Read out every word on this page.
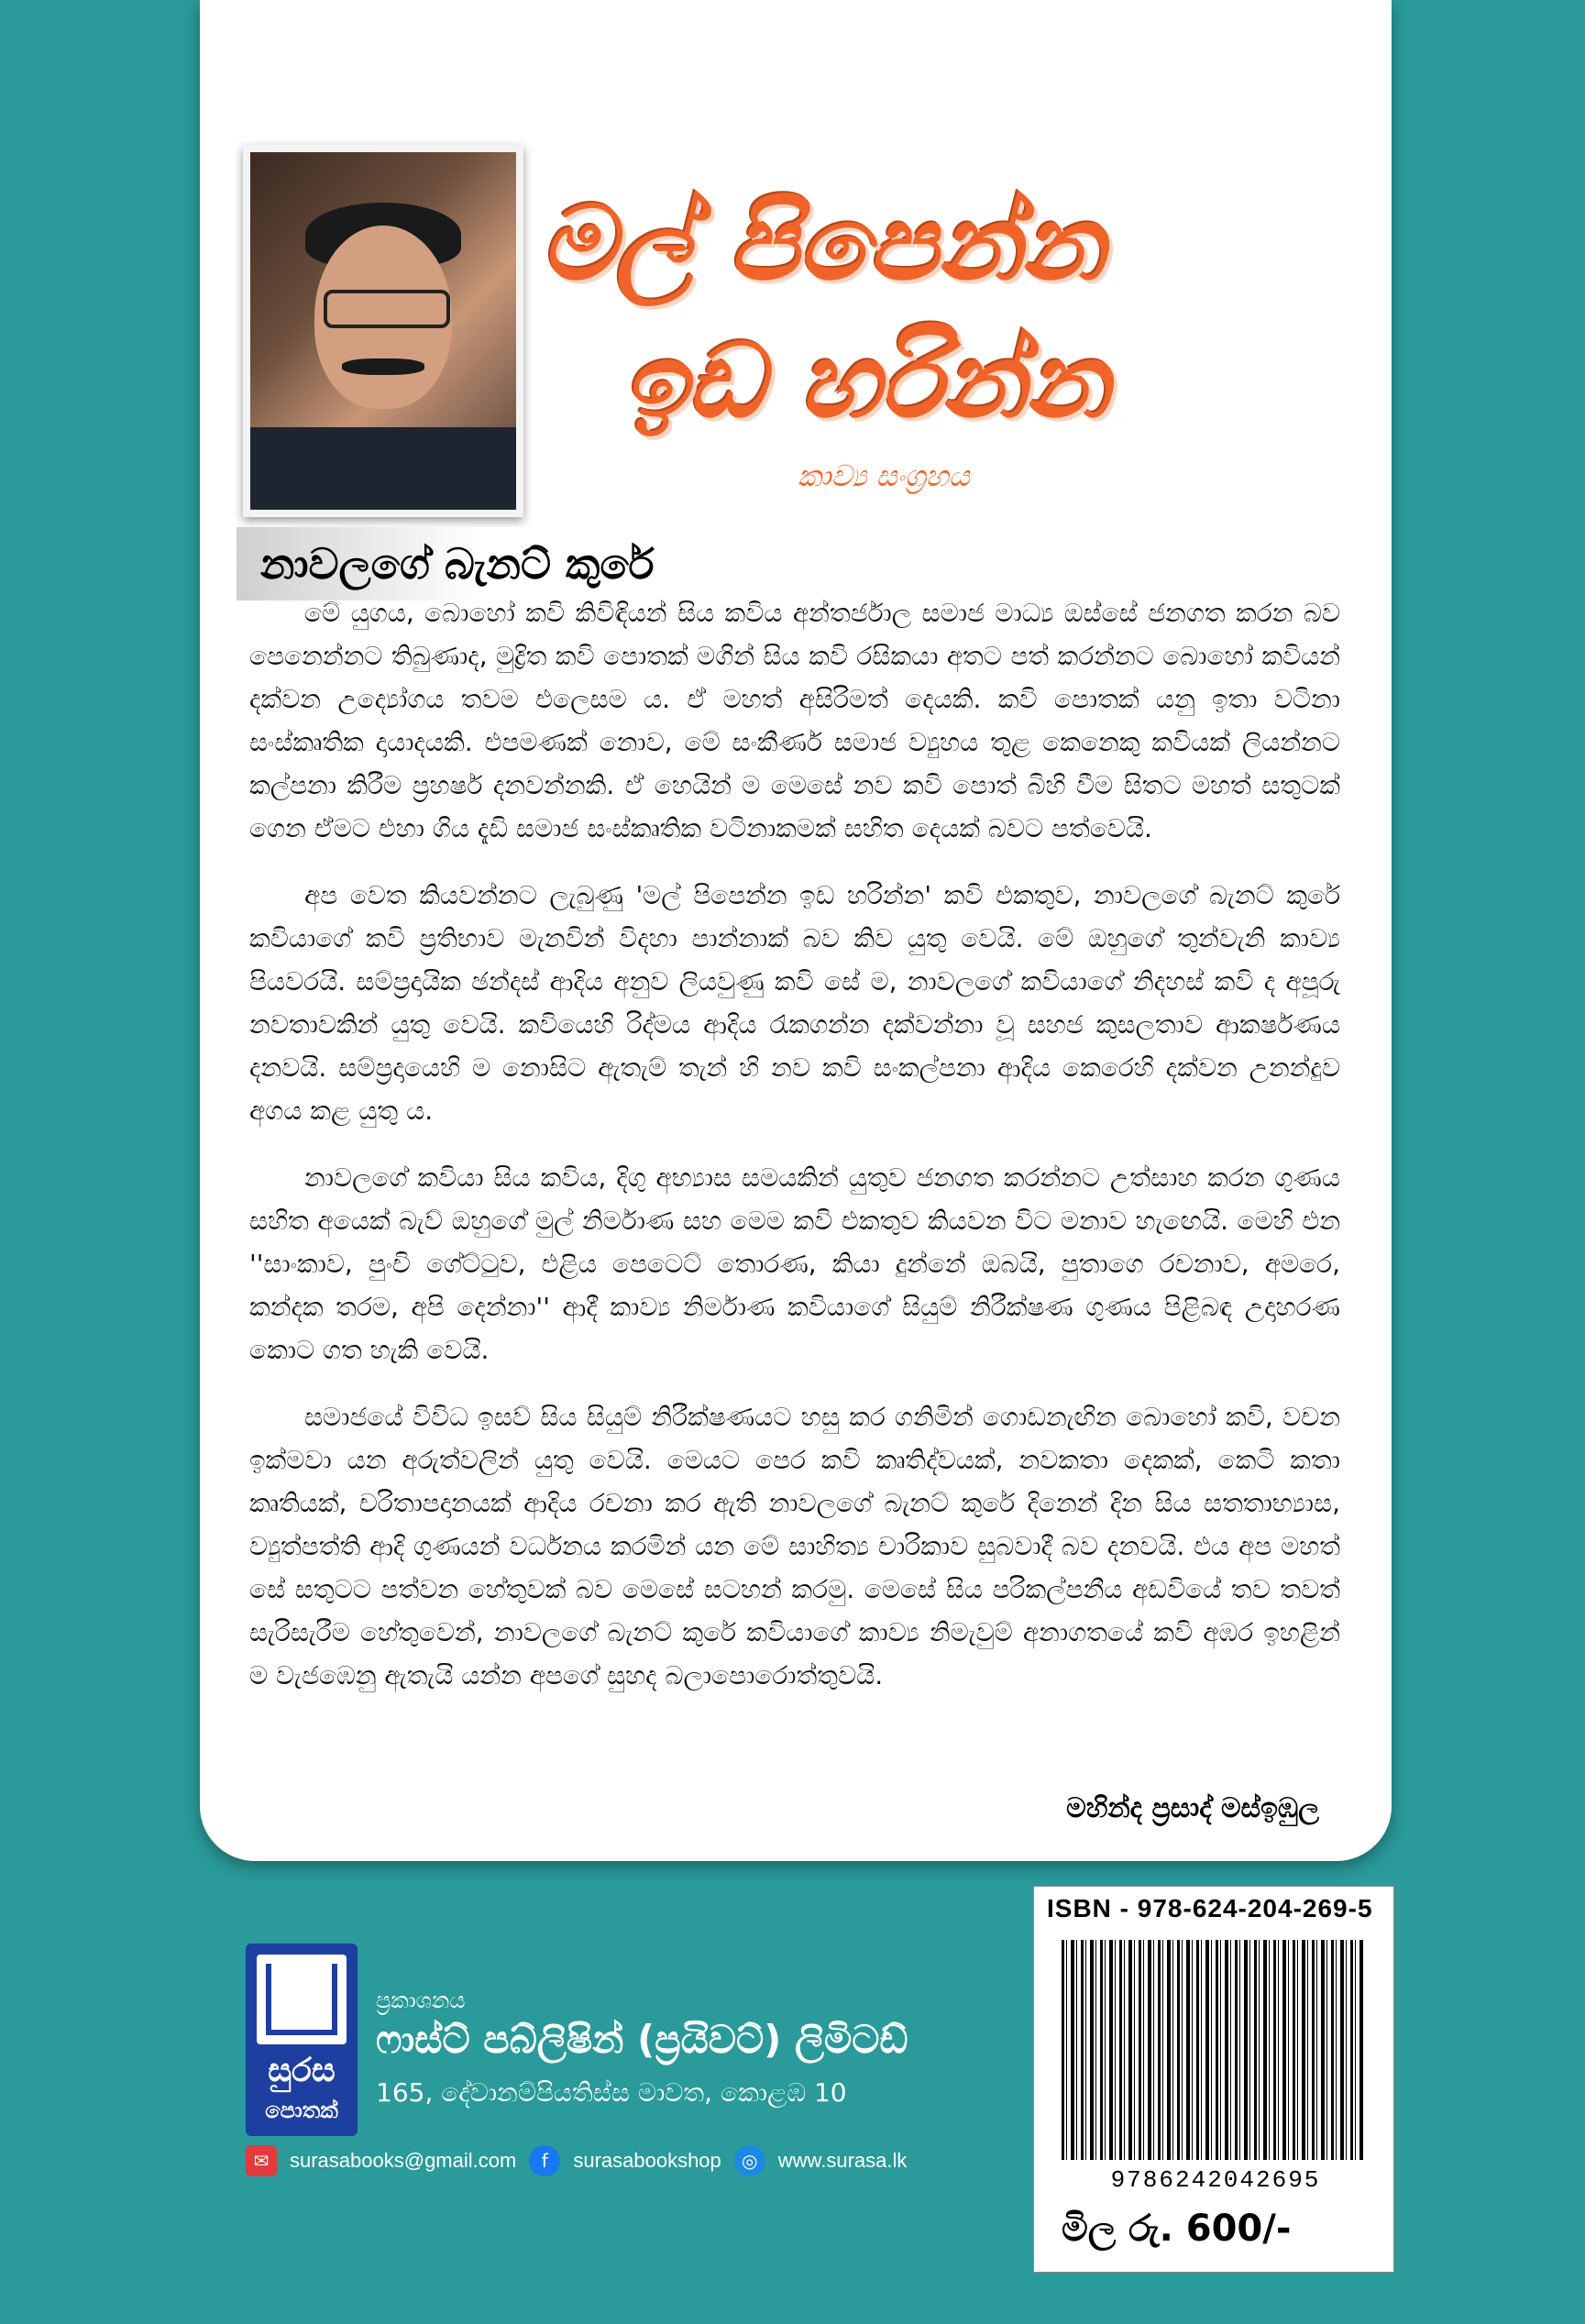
මල් පිපෙන්න
ඉඩ හරින්න
කාව්‍ය සංග්‍රහය
නාවලගේ බැනට් කුරේ

මේ යුගය, බොහෝ කවි කිවිඳියන් සිය කවිය අන්තර්ජාල සමාජ මාධ්‍ය ඔස්සේ ජනගත කරන බව පෙනෙන්නට තිබුණාද, මුද්‍රිත කවි පොතක් මගින් සිය කවි රසිකයා අතට පත් කරන්නට බොහෝ කවියන් දක්වන උද්‍යෝගය තවම එලෙසම ය. ඒ මහත් අසිරිමත් දෙයකි. කවි පොතක් යනු ඉතා වටිනා සංස්කෘතික දායාදයකි. එපමණක් නොව, මේ සංකීර්ණ සමාජ ව්‍යුහය තුළ කෙනෙකු කවියක් ලියන්නට කල්පනා කිරීම ප්‍රහර්ෂ දනවන්නකි. ඒ හෙයින් ම මෙසේ නව කවි පොත් බිහි වීම සිතට මහත් සතුටක් ගෙන ඒමට එහා ගිය දැඩි සමාජ සංස්කෘතික වටිනාකමක් සහිත දෙයක් බවට පත්වෙයි.

අප වෙත කියවන්නට ලැබුණු 'මල් පිපෙන්න ඉඩ හරින්න' කවි එකතුව, නාවලගේ බැනට් කුරේ කවියාගේ කවි ප්‍රතිභාව මැනවින් විදහා පාන්නාක් බව කිව යුතු වෙයි. මේ ඔහුගේ තුන්වැනි කාව්‍ය පියවරයි. සම්ප්‍රදායික ඡන්දස් ආදිය අනුව ලියවුණු කවි සේ ම, නාවලගේ කවියාගේ නිදහස් කවි ද අපූරු නවතාවකින් යුතු වෙයි. කවියෙහි රිද්මය ආදිය රැකගන්න දක්වන්නා වූ සහජ කුසලතාව ආකර්ෂණය දනවයි. සම්ප්‍රදායෙහි ම නොසිට ඇතැම් තැන් හි නව කවි සංකල්පනා ආදිය කෙරෙහි දක්වන උනන්දුව අගය කළ යුතු ය.

නාවලගේ කවියා සිය කවිය, දිගු අභ්‍යාස සමයකින් යුතුව ජනගත කරන්නට උත්සාහ කරන ගුණය සහිත අයෙක් බැව් ඔහුගේ මුල් නිර්මාණ සහ මෙම කවි එකතුව කියවන විට මනාව හැඟෙයි. මෙහි එන ''සාංකාව, පුංචි ගේට්ටුව, එළිය පෙටෙට් තොරණ, කියා දුන්නේ ඔබයි, පුතාගෙ රචනාව, අමරෙ, කන්දක තරම, අපි දෙන්නා'' ආදී කාව්‍ය නිර්මාණ කවියාගේ සියුම් නිරීක්ෂණ ගුණය පිළිබඳ උදාහරණ කොට ගත හැකි වෙයි.

සමාජයේ විවිධ ඉසව් සිය සියුම් නිරීක්ෂණයට හසු කර ගනිමින් ගොඩනැඟින බොහෝ කවි, වචන ඉක්මවා යන අරුත්වලින් යුතු වෙයි. මෙයට පෙර කවි කෘතිද්වයක්, නවකතා දෙකක්, කෙටි කතා කෘතියක්, චරිතාපදානයක් ආදිය රචනා කර ඇති නාවලගේ බැනට් කුරේ දිනෙන් දින සිය සතතාභ්‍යාස, ව්‍යුත්පත්ති ආදි ගුණයන් වර්ධනය කරමින් යන මේ සාහිත්‍ය චාරිකාව සුබවාදී බව දනවයි. එය අප මහත් සේ සතුටට පත්වන හේතුවක් බව මෙසේ සටහන් කරමු. මෙසේ සිය පරිකල්පනීය අඩවියේ තව තවත් සැරිසැරීම හේතුවෙන්, නාවලගේ බැනට් කුරේ කවියාගේ කාව්‍ය නිමැවුම් අනාගතයේ කවි අඹර ඉහළින් ම වැජඹෙනු ඇතැයි යන්න අපගේ සුහද බලාපොරොත්තුවයි.

මහින්ද ප්‍රසාද් මස්ඉඹුල
ISBN - 978-624-204-269-5
9786242042695
මිල රු. 600/-
සුරස
පොතක්
ප්‍රකාශනය
ෆාස්ට් පබ්ලිෂින් (ප්‍රයිවට්) ලිමිටඩ්
165, දේවානම්පියතිස්ස මාවත, කොළඹ 10
✉	surasabooks@gmail.com	f	surasabookshop	◎	www.surasa.lk
